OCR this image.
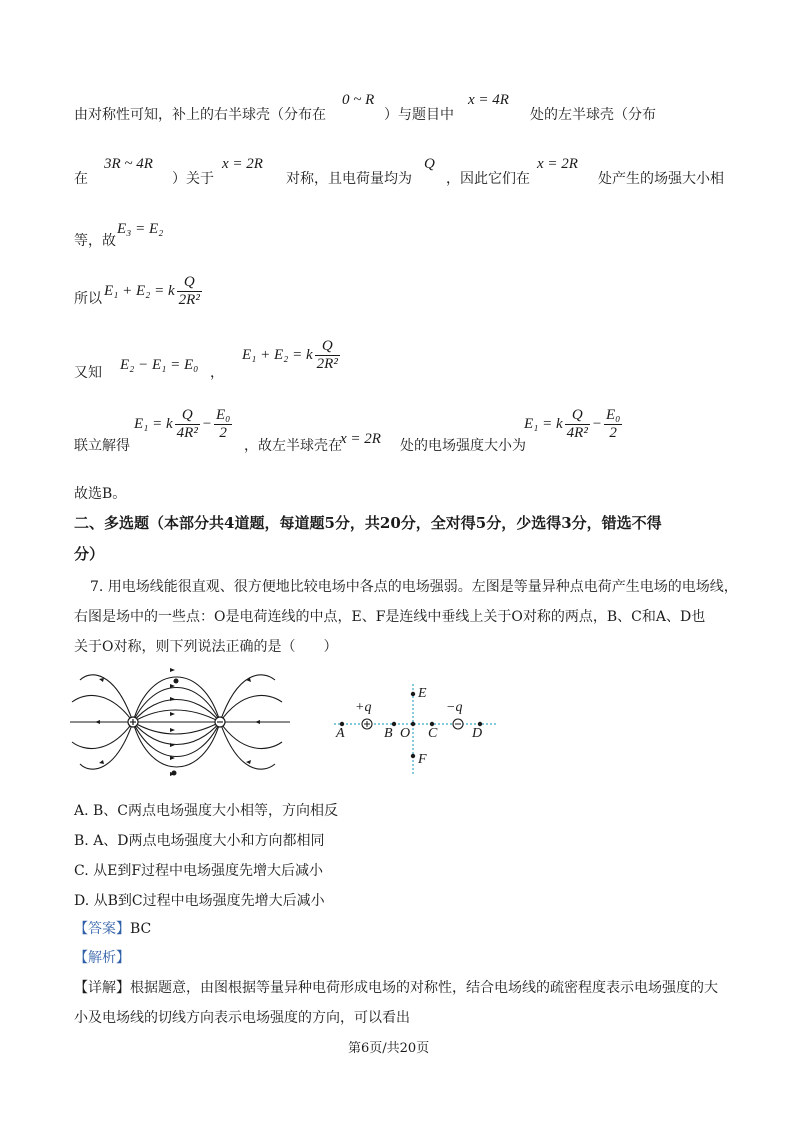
由对称性可知，补上的右半球壳（分布在
0 ~ R
）与题目中
x = 4R
处的左半球壳（分布
在
3R ~ 4R
）关于
x = 2R
对称，且电荷量均为
Q
，因此它们在
x = 2R
处产生的场强大小相
等，故
E₃ = E₂
所以 E₁ + E₂ = k $\frac{Q}{\text{2R²}}$
又知 E₂ − E₁ = E₀ ，
E₁ + E₂ = k $\frac{Q}{\text{2R²}}$
联立解得
E₁ = k $\frac{Q}{\text{4R²}} - \frac{\text{E₀}}{2}$
，故左半球壳在
x = 2R 处的电场强度大小为
E₁ = k $\frac{Q}{\text{4R²}} - \frac{\text{E₀}}{2}$
故选B。
二、多选题（本部分共4道题，每道题5分，共20分，全对得5分，少选得3分，错选不得
分）
7. 用电场线能很直观、很方便地比较电场中各点的电场强弱。左图是等量异种点电荷产生电场的电场线，
右图是场中的一些点：O是电荷连线的中点，E、F是连线中垂线上关于O对称的两点，B、C和A、D也
关于O对称，则下列说法正确的是（　　）
+q	−q
A	B O C D
E
F
A. B、C两点电场强度大小相等，方向相反
B. A、D两点电场强度大小和方向都相同
C. 从E到F过程中电场强度先增大后减小
D. 从B到C过程中电场强度先增大后减小
【答案】BC
【解析】
【详解】根据题意，由图根据等量异种电荷形成电场的对称性，结合电场线的疏密程度表示电场强度的大
小及电场线的切线方向表示电场强度的方向，可以看出
第6页/共20页
